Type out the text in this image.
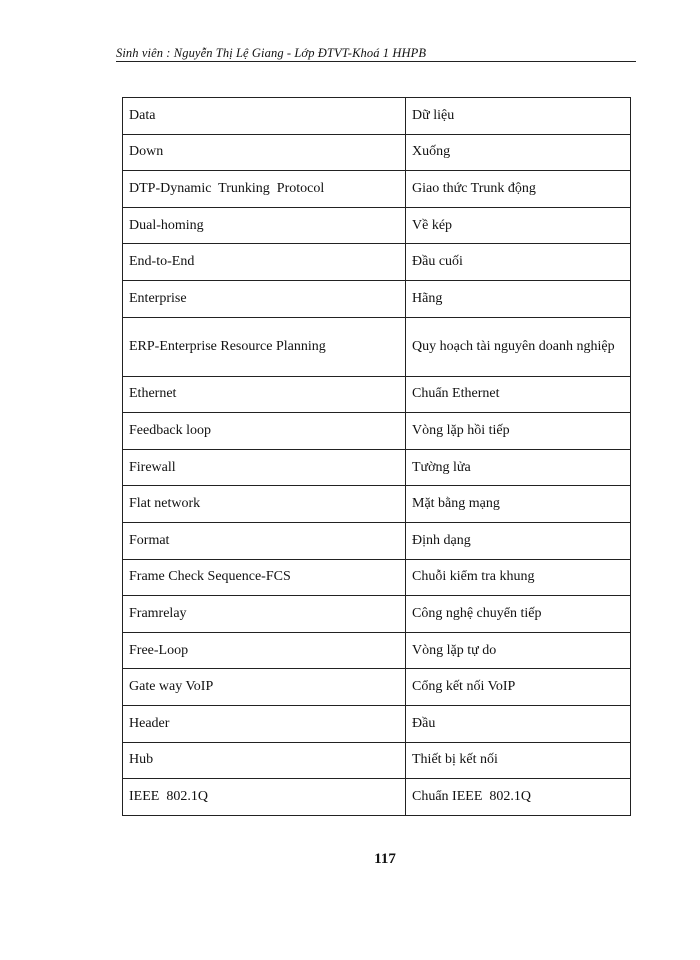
Sinh viên : Nguyễn Thị Lệ Giang - Lớp ĐTVT-Khoá 1 HHPB
Data	Dữ liệu
Down	Xuống
DTP-Dynamic  Trunking  Protocol	Giao thức Trunk động
Dual-homing	Về kép
End-to-End	Đầu cuối
Enterprise	Hãng
ERP-Enterprise Resource Planning	Quy hoạch tài nguyên doanh nghiệp
Ethernet	Chuẩn Ethernet
Feedback loop	Vòng lặp hồi tiếp
Firewall	Tường lửa
Flat network	Mặt bằng mạng
Format	Định dạng
Frame Check Sequence-FCS	Chuỗi kiểm tra khung
Framrelay	Công nghệ chuyển tiếp
Free-Loop	Vòng lặp tự do
Gate way VoIP	Cổng kết nối VoIP
Header	Đầu
Hub	Thiết bị kết nối
IEEE  802.1Q	Chuẩn IEEE  802.1Q
117
